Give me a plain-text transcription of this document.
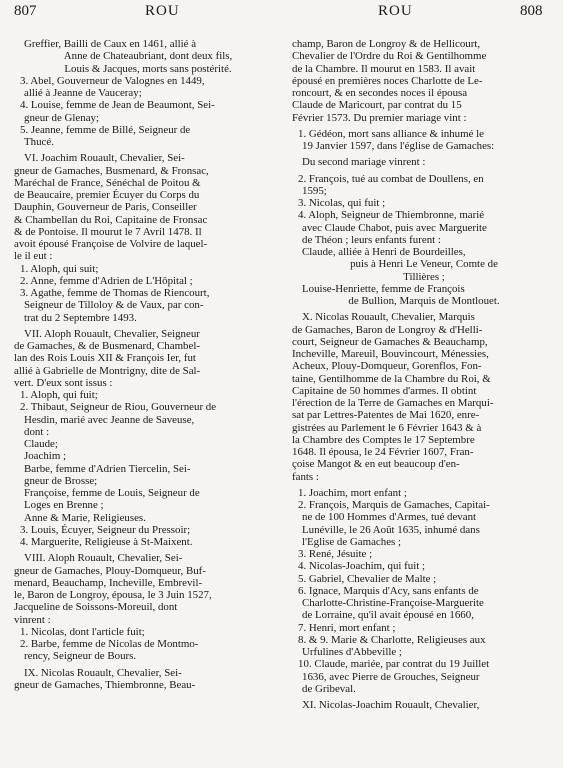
807	ROU	ROU	808
Greffier, Bailli de Caux en 1461, allié à
Anne de Chateaubriant, dont deux fils,
Louis & Jacques, morts sans postérité.
3. Abel, Gouverneur de Valognes en 1449,
allié à Jeanne de Vauceray;
4. Louise, femme de Jean de Beaumont, Sei-
gneur de Glenay;
5. Jeanne, femme de Billé, Seigneur de
Thucé.
VI. Joachim Rouault, Chevalier, Sei-
gneur de Gamaches, Busmenard, & Fronsac,
Maréchal de France, Sénéchal de Poitou &
de Beaucaire, premier Écuyer du Corps du
Dauphin, Gouverneur de Paris, Conseiller
& Chambellan du Roi, Capitaine de Fronsac
& de Pontoise. Il mourut le 7 Avril 1478. Il
avoit épousé Françoise de Volvire de laquel-
le il eut :
1. Aloph, qui suit;
2. Anne, femme d'Adrien de L'Hôpital ;
3. Agathe, femme de Thomas de Riencourt,
Seigneur de Tilloloy & de Vaux, par con-
trat du 2 Septembre 1493.
VII. Aloph Rouault, Chevalier, Seigneur
de Gamaches, & de Busmenard, Chambel-
lan des Rois Louis XII & François Ier, fut
allié à Gabrielle de Montrigny, dite de Sal-
vert. D'eux sont issus :
1. Aloph, qui fuit;
2. Thibaut, Seigneur de Riou, Gouverneur de
Hesdin, marié avec Jeanne de Saveuse,
dont :
Claude;
Joachim ;
Barbe, femme d'Adrien Tiercelin, Sei-
gneur de Brosse;
Françoise, femme de Louis, Seigneur de
Loges en Brenne ;
Anne & Marie, Religieuses.
3. Louis, Écuyer, Seigneur du Pressoir;
4. Marguerite, Religieuse à St-Maixent.
VIII. Aloph Rouault, Chevalier, Sei-
gneur de Gamaches, Plouy-Domqueur, Buf-
menard, Beauchamp, Incheville, Embrevil-
le, Baron de Longroy, épousa, le 3 Juin 1527,
Jacqueline de Soissons-Moreuil, dont
vinrent :
1. Nicolas, dont l'article fuit;
2. Barbe, femme de Nicolas de Montmo-
rency, Seigneur de Bours.
IX. Nicolas Rouault, Chevalier, Sei-
gneur de Gamaches, Thiembronne, Beau-
champ, Baron de Longroy & de Hellicourt,
Chevalier de l'Ordre du Roi & Gentilhomme
de la Chambre. Il mourut en 1583. Il avait
épousé en premières noces Charlotte de Le-
roncourt, & en secondes noces il épousa
Claude de Maricourt, par contrat du 15
Février 1573. Du premier mariage vint :
1. Gédéon, mort sans alliance & inhumé le
19 Janvier 1597, dans l'église de Gamaches:
Du second mariage vinrent :
2. François, tué au combat de Doullens, en
1595;
3. Nicolas, qui fuit ;
4. Aloph, Seigneur de Thiembronne, marié
avec Claude Chabot, puis avec Marguerite
de Théon ; leurs enfants furent :
Claude, alliée à Henri de Bourdeilles,
puis à Henri Le Veneur, Comte de
Tillières ;
Louise-Henriette, femme de François
de Bullion, Marquis de Montlouet.
X. Nicolas Rouault, Chevalier, Marquis
de Gamaches, Baron de Longroy & d'Helli-
court, Seigneur de Gamaches & Beauchamp,
Incheville, Mareuil, Bouvincourt, Ménessies,
Acheux, Plouy-Domqueur, Gorenflos, Fon-
taine, Gentilhomme de la Chambre du Roi, &
Capitaine de 50 hommes d'armes. Il obtint
l'érection de la Terre de Gamaches en Marqui-
sat par Lettres-Patentes de Mai 1620, enre-
gistrées au Parlement le 6 Février 1643 & à
la Chambre des Comptes le 17 Septembre
1648. Il épousa, le 24 Février 1607, Fran-
çoise Mangot & en eut beaucoup d'en-
fants :
1. Joachim, mort enfant ;
2. François, Marquis de Gamaches, Capitai-
ne de 100 Hommes d'Armes, tué devant
Lunéville, le 26 Août 1635, inhumé dans
l'Eglise de Gamaches ;
3. René, Jésuite ;
4. Nicolas-Joachim, qui fuit ;
5. Gabriel, Chevalier de Malte ;
6. Ignace, Marquis d'Acy, sans enfants de
Charlotte-Christine-Françoise-Marguerite
de Lorraine, qu'il avait épousé en 1660,
7. Henri, mort enfant ;
8. & 9. Marie & Charlotte, Religieuses aux
Urfulines d'Abbeville ;
10. Claude, mariée, par contrat du 19 Juillet
1636, avec Pierre de Grouches, Seigneur
de Gribeval.
XI. Nicolas-Joachim Rouault, Chevalier,
